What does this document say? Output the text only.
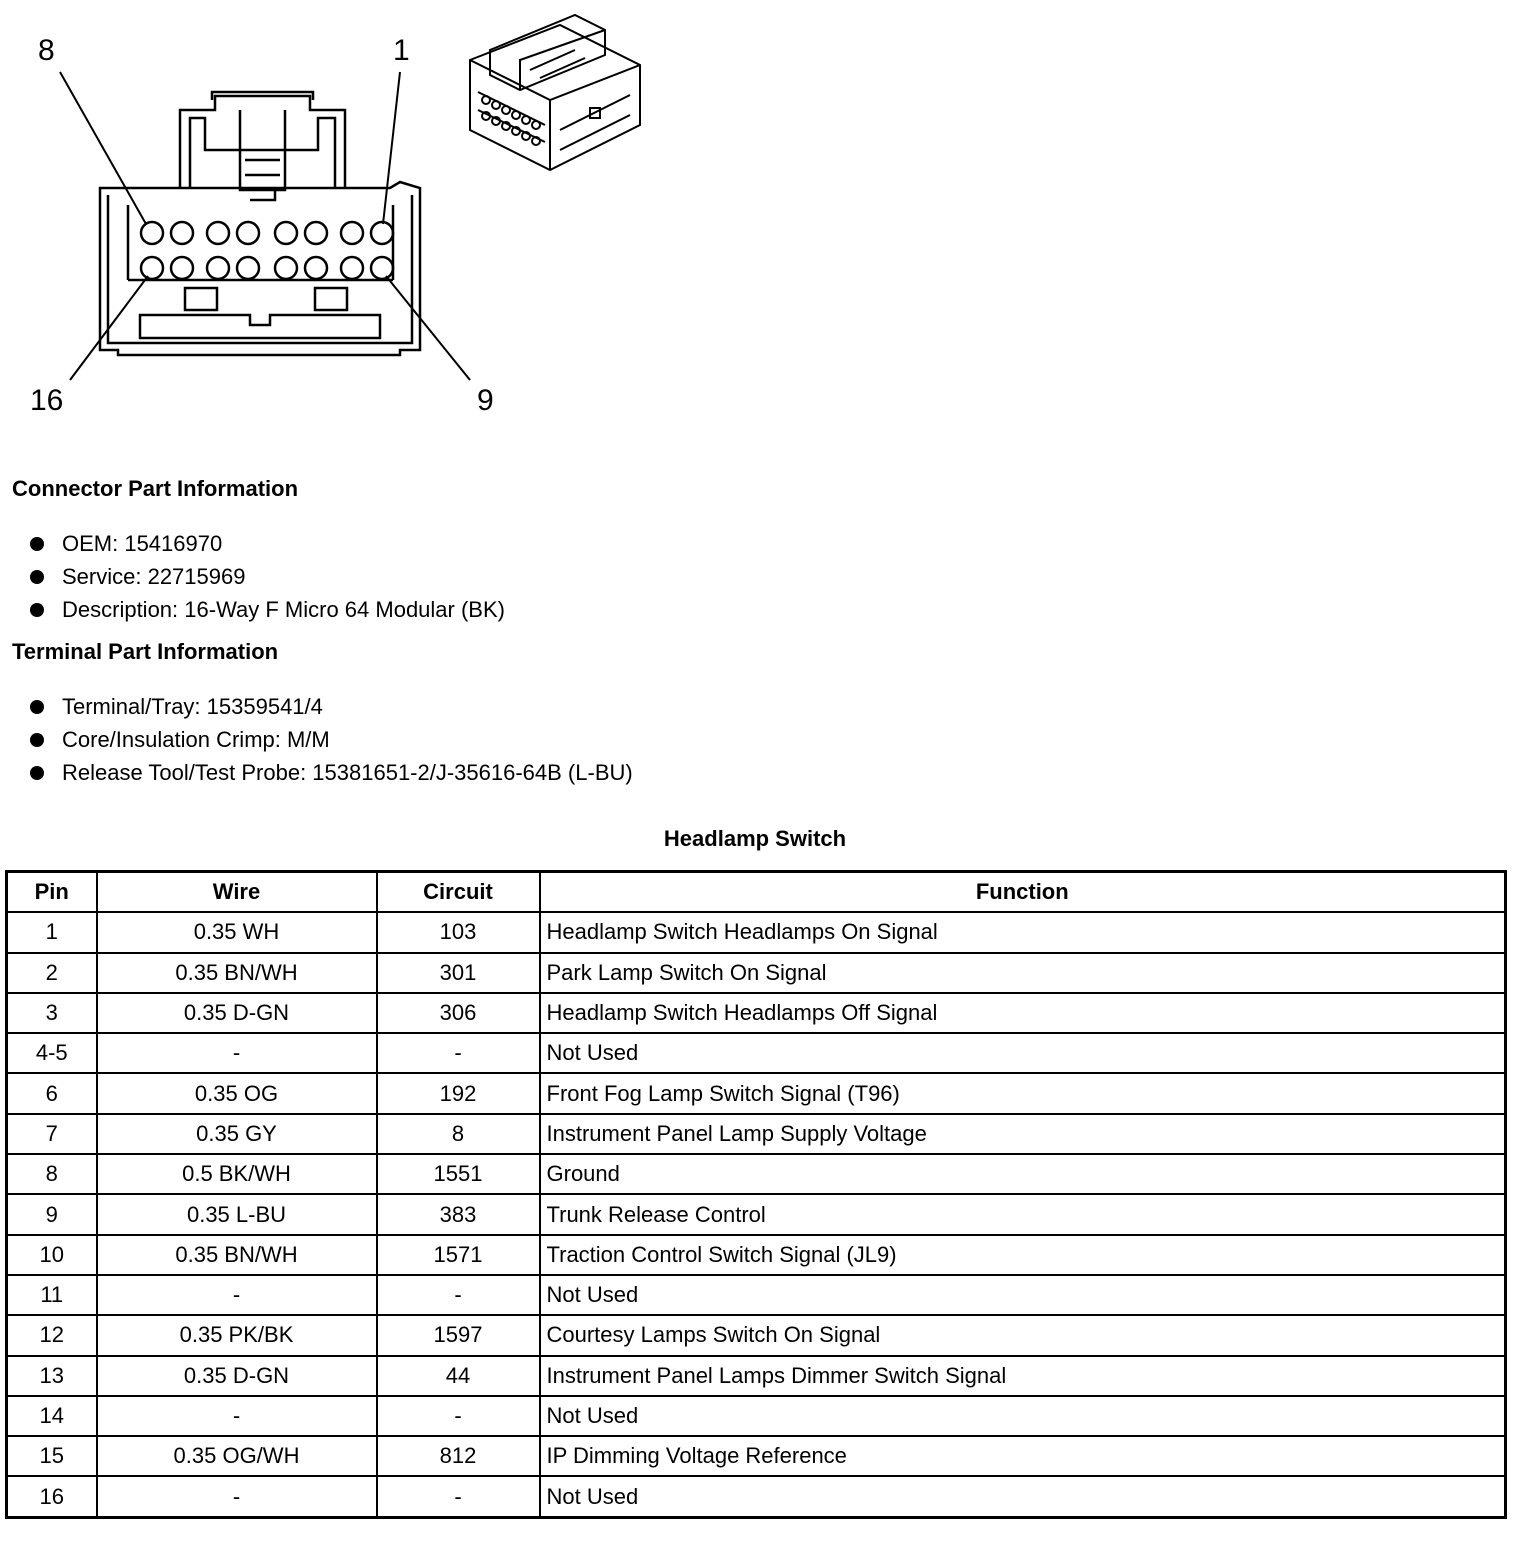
8	1
16	9
Connector Part Information
OEM: 15416970
Service: 22715969
Description: 16-Way F Micro 64 Modular (BK)
Terminal Part Information
Terminal/Tray: 15359541/4
Core/Insulation Crimp: M/M
Release Tool/Test Probe: 15381651-2/J-35616-64B (L-BU)
Headlamp Switch
Pin	Wire	Circuit	Function
1	0.35 WH	103	Headlamp Switch Headlamps On Signal
2	0.35 BN/WH	301	Park Lamp Switch On Signal
3	0.35 D-GN	306	Headlamp Switch Headlamps Off Signal
4-5	-	-	Not Used
6	0.35 OG	192	Front Fog Lamp Switch Signal (T96)
7	0.35 GY	8	Instrument Panel Lamp Supply Voltage
8	0.5 BK/WH	1551	Ground
9	0.35 L-BU	383	Trunk Release Control
10	0.35 BN/WH	1571	Traction Control Switch Signal (JL9)
11	-	-	Not Used
12	0.35 PK/BK	1597	Courtesy Lamps Switch On Signal
13	0.35 D-GN	44	Instrument Panel Lamps Dimmer Switch Signal
14	-	-	Not Used
15	0.35 OG/WH	812	IP Dimming Voltage Reference
16	-	-	Not Used
